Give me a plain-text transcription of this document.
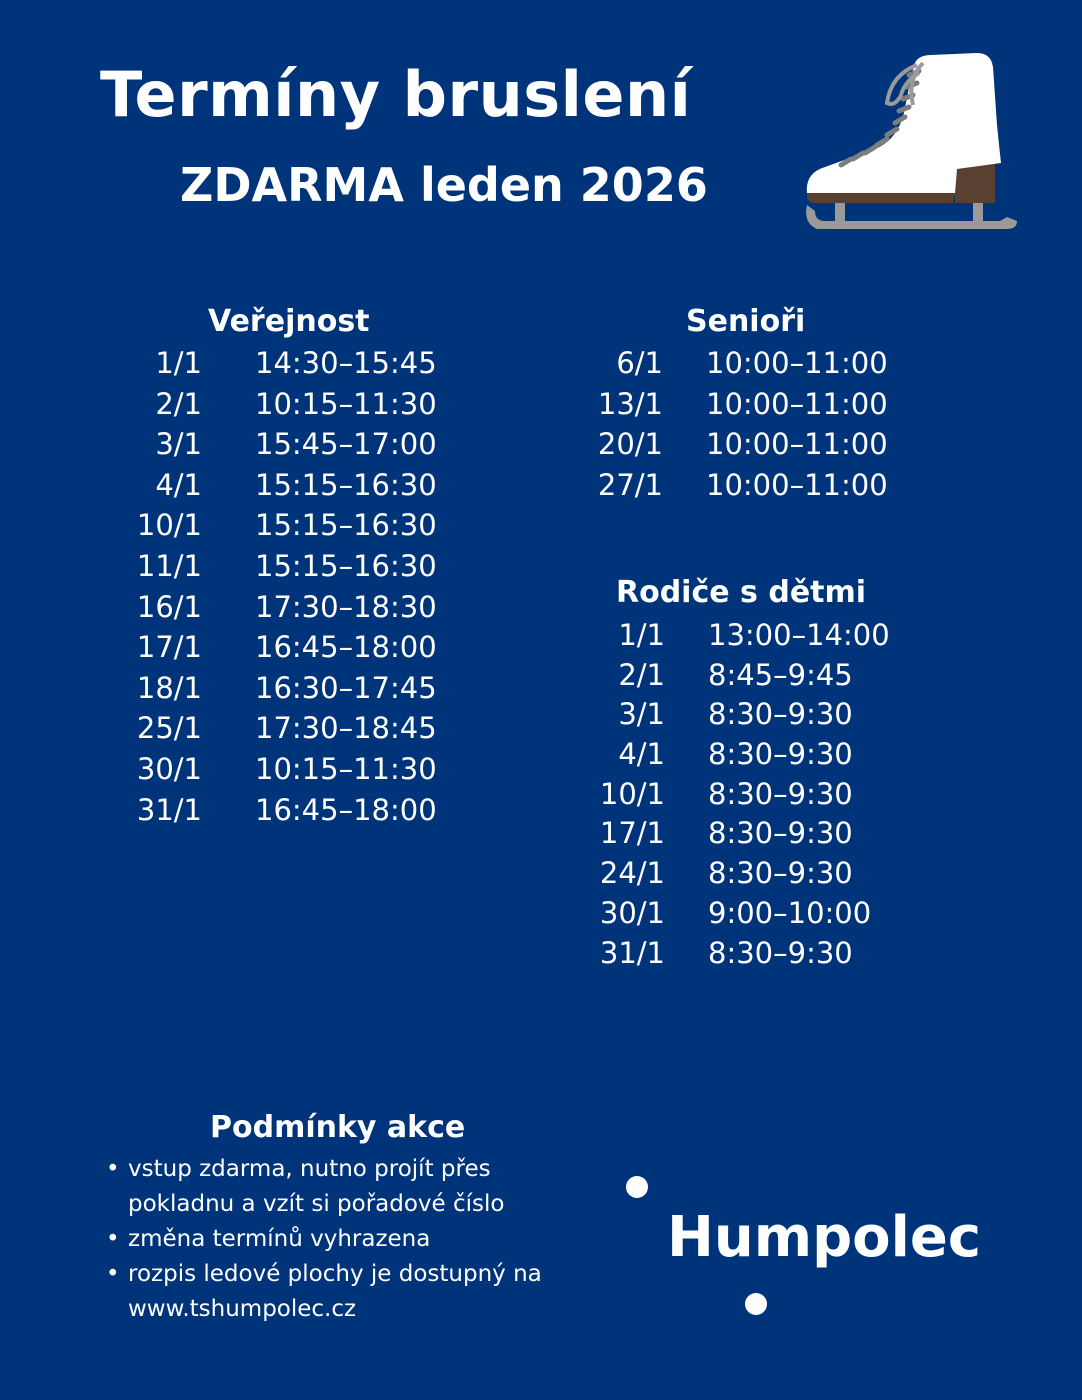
Termíny bruslení
ZDARMA leden 2026
Veřejnost
1/1 14:30–15:45
2/1 10:15–11:30
3/1 15:45–17:00
4/1 15:15–16:30
10/1 15:15–16:30
11/1 15:15–16:30
16/1 17:30–18:30
17/1 16:45–18:00
18/1 16:30–17:45
25/1 17:30–18:45
30/1 10:15–11:30
31/1 16:45–18:00
Senioři
6/1 10:00–11:00
13/1 10:00–11:00
20/1 10:00–11:00
27/1 10:00–11:00
Rodiče s dětmi
1/1 13:00–14:00
2/1 8:45–9:45
3/1 8:30–9:30
4/1 8:30–9:30
10/1 8:30–9:30
17/1 8:30–9:30
24/1 8:30–9:30
30/1 9:00–10:00
31/1 8:30–9:30
Podmínky akce
• vstup zdarma, nutno projít přes pokladnu a vzít si pořadové číslo
• změna termínů vyhrazena
• rozpis ledové plochy je dostupný na www.tshumpolec.cz
Humpolec
